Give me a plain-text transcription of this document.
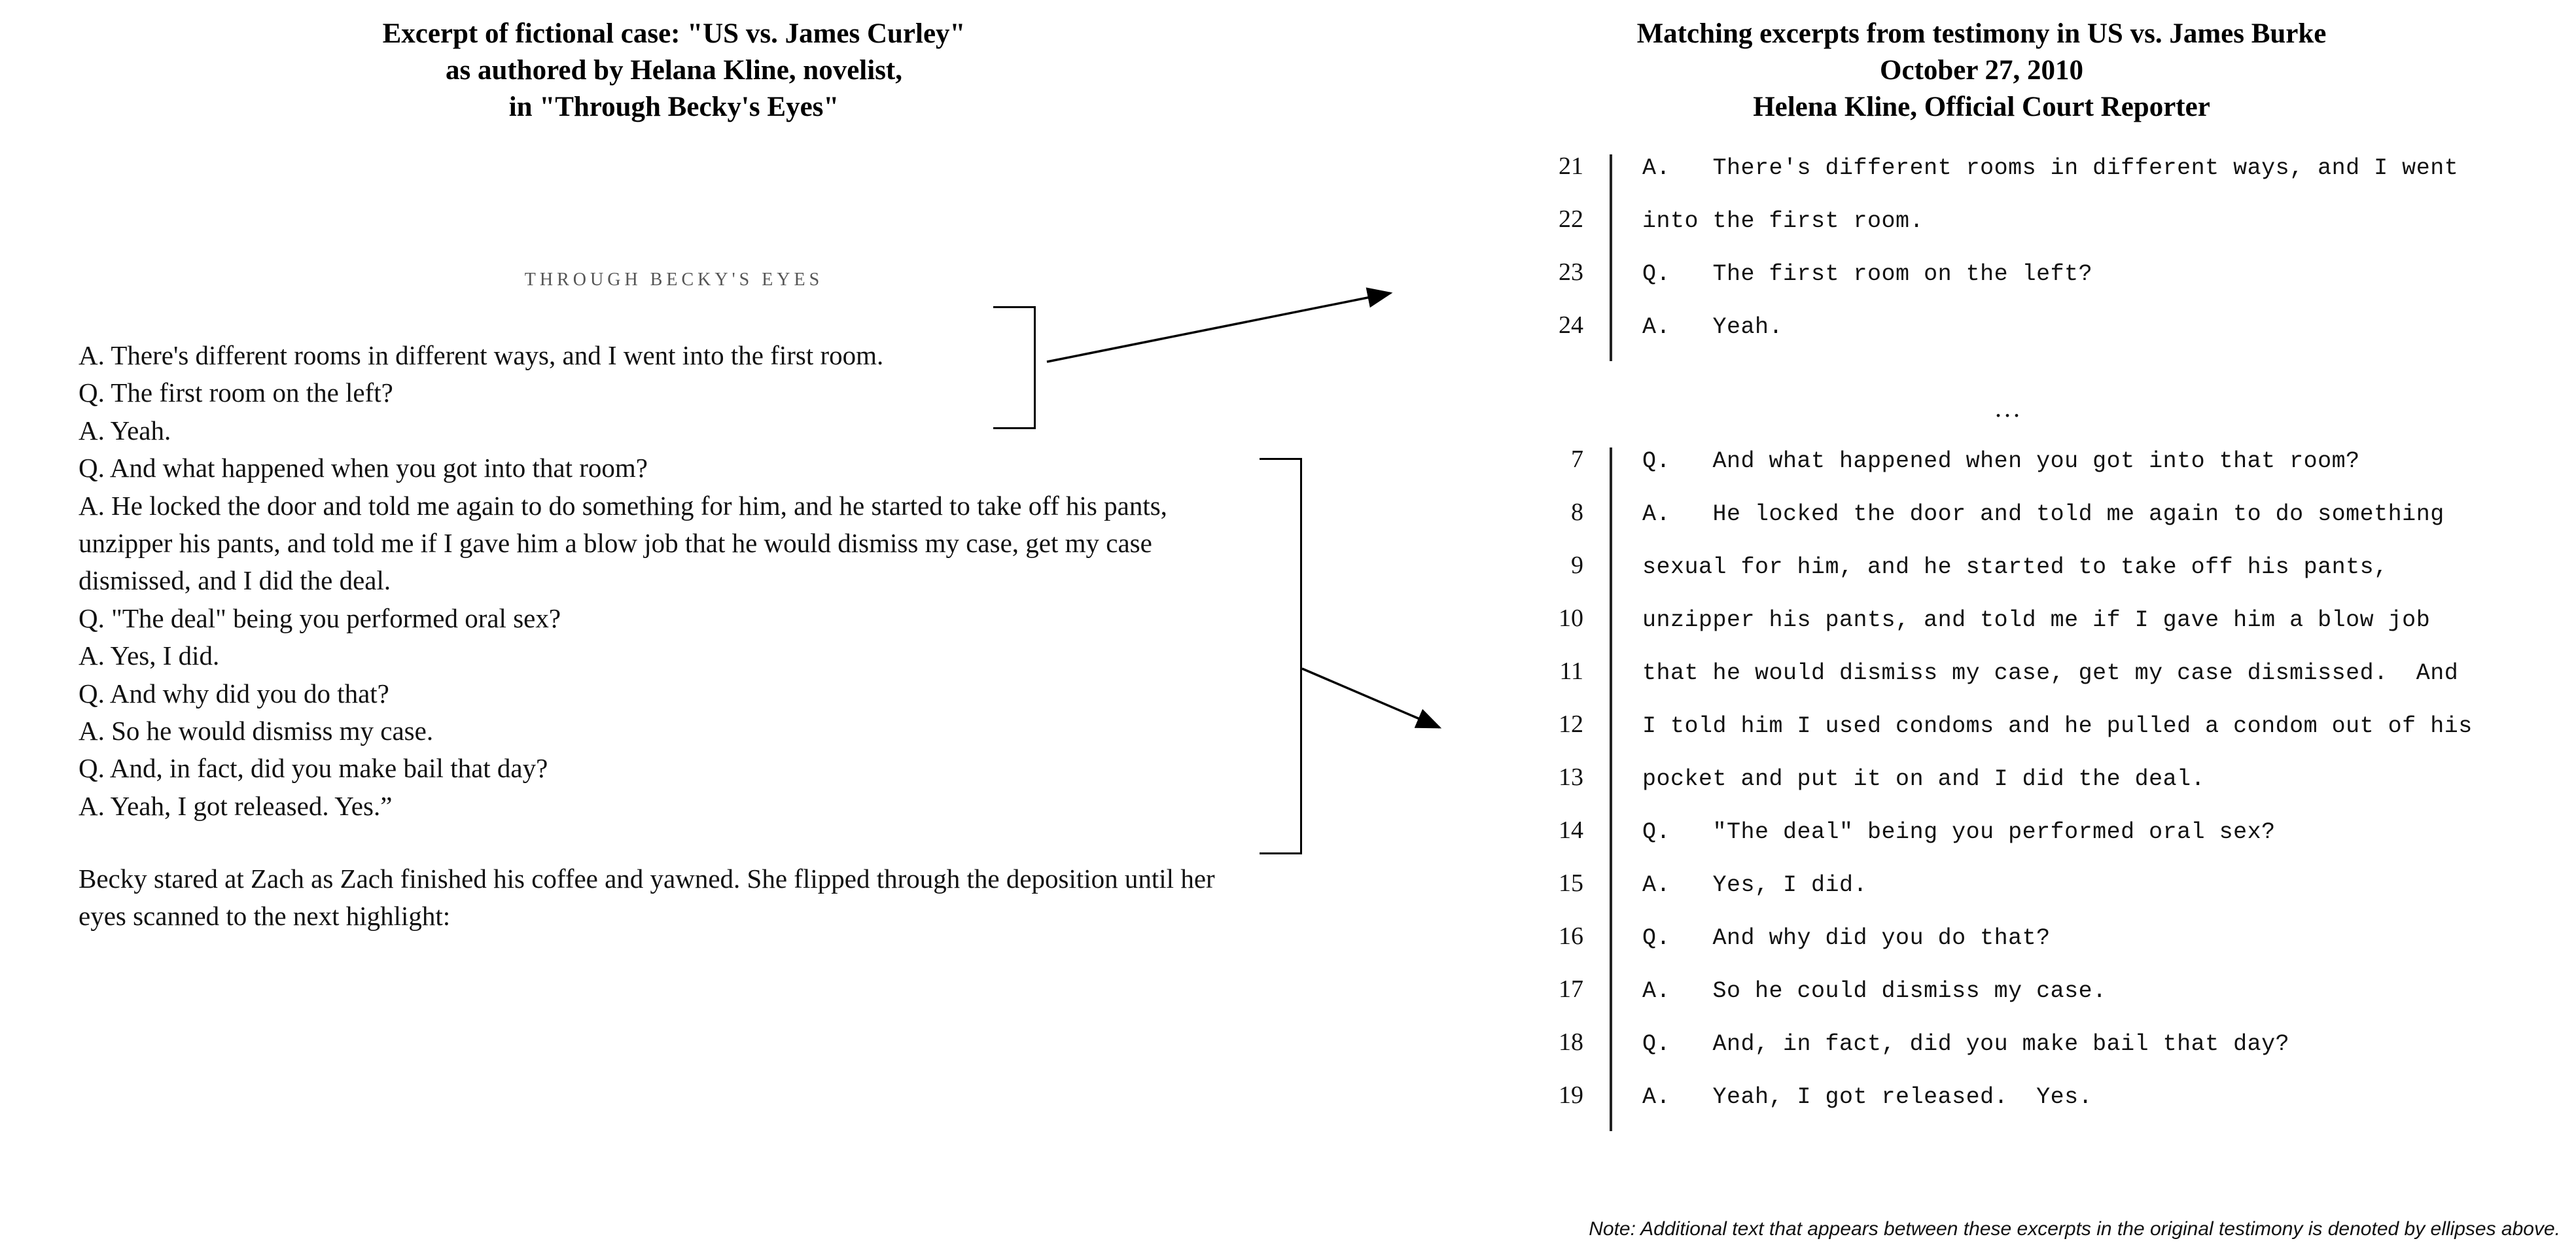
Excerpt of fictional case: "US vs. James Curley"
as authored by Helana Kline, novelist,
in "Through Becky's Eyes"
THROUGH BECKY'S EYES

A. There's different rooms in different ways, and I went into the first room.

Q. The first room on the left?

A. Yeah.

Q. And what happened when you got into that room?

A. He locked the door and told me again to do something for him, and he started to take off his pants, unzipper his pants, and told me if I gave him a blow job that he would dismiss my case, get my case dismissed, and I did the deal.

Q. "The deal" being you performed oral sex?

A. Yes, I did.

Q. And why did you do that?

A. So he would dismiss my case.

Q. And, in fact, did you make bail that day?

A. Yeah, I got released. Yes.”

Becky stared at Zach as Zach finished his coffee and yawned. She flipped through the deposition until her eyes scanned to the next highlight:

Matching excerpts from testimony in US vs. James Burke
October 27, 2010
Helena Kline, Official Court Reporter
21	A.   There's different rooms in different ways, and I went
22	into the first room.
23	Q.   The first room on the left?
24	A.   Yeah.
...
7	Q.   And what happened when you got into that room?
8	A.   He locked the door and told me again to do something
9	sexual for him, and he started to take off his pants,
10	unzipper his pants, and told me if I gave him a blow job
11	that he would dismiss my case, get my case dismissed.  And
12	I told him I used condoms and he pulled a condom out of his
13	pocket and put it on and I did the deal.
14	Q.   "The deal" being you performed oral sex?
15	A.   Yes, I did.
16	Q.   And why did you do that?
17	A.   So he could dismiss my case.
18	Q.   And, in fact, did you make bail that day?
19	A.   Yeah, I got released.  Yes.
Note: Additional text that appears between these excerpts in the original testimony is denoted by ellipses above.
